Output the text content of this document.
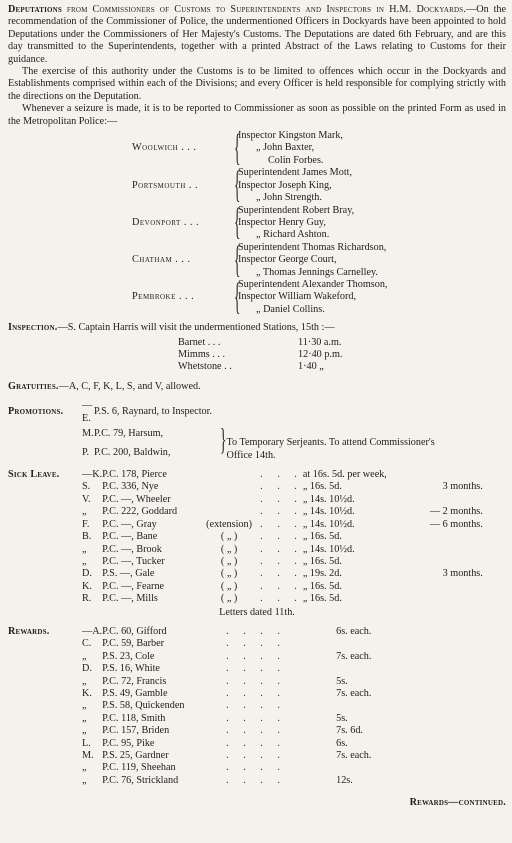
Deputations from Commissioners of Customs to Superintendents and Inspectors in H.M. Dockyards.—On the recommendation of the Commissioner of Police, the undermentioned Officers in Dockyards have been appointed to hold Deputations under the Commissioners of Her Majesty's Customs. The Deputations are dated 6th February, and are this day transmitted to the Superintendents, together with a printed Abstract of the Laws relating to Customs for their guidance.

The exercise of this authority under the Customs is to be limited to offences which occur in the Dockyards and Establishments comprised within each of the Divisions; and every Officer is held responsible for complying strictly with the directions on the Deputation.

Whenever a seizure is made, it is to be reported to Commissioner as soon as possible on the printed Form as used in the Metropolitan Police:—

Woolwich . . .	{	Inspector Kingston Mark,
„ John Baxter,
Colin Forbes.

Portsmouth . .	{	Superintendent James Mott,
Inspector Joseph King,
„ John Strength.

Devonport . . .	{	Superintendent Robert Bray,
Inspector Henry Guy,
„ Richard Ashton.

Chatham . . .	{	Superintendent Thomas Richardson,
Inspector George Court,
„ Thomas Jennings Carnelley.

Pembroke . . .	{	Superintendent Alexander Thomson,
Inspector William Wakeford,
„ Daniel Collins.
Inspection.—S. Captain Harris will visit the undermentioned Stations, 15th :—
Barnet . . .	11·30 a.m.
Mimms . . .	12·40 p.m.
Whetstone . .	1·40 „
Gratuities.—A, C, F, K, L, S, and V, allowed.
Promotions.	—E.	P.S. 6, Raynard, to Inspector.	
	M.	P.C. 79, Harsum,	} To Temporary Serjeants. To attend Commissioner's
Office 14th.

	P.	P.C. 200, Baldwin,	
Sick Leave.	—K.	P.C. 178, Pierce		. . .	at 16s. 5d. per week,	
	S.	P.C. 336, Nye		. . .	„ 16s. 5d.	3 months.
	V.	P.C. —, Wheeler		. . .	„ 14s. 10½d.	
	„	P.C. 222, Goddard		. . .	„ 14s. 10½d.	— 2 months.
	F.	P.C. —, Gray	(extension)	. . .	„ 14s. 10½d.	— 6 months.
	B.	P.C. —, Bane	( „ )	. . .	„ 16s. 5d.	
	„	P.C. —, Brook	( „ )	. . .	„ 14s. 10½d.	
	„	P.C. —, Tucker	( „ )	. . .	„ 16s. 5d.	
	D.	P.S. —, Gale	( „ )	. . .	„ 19s. 2d.	3 months.
	K.	P.C. —, Fearne	( „ )	. . .	„ 16s. 5d.	
	R.	P.C. —, Mills	( „ )	. . .	„ 16s. 5d.	
Letters dated 11th.
Rewards.	—A.	P.C. 60, Gifford	. . . .	6s. each.
	C.	P.C. 59, Barber	. . . .	
	„	P.S. 23, Cole	. . . .	7s. each.
	D.	P.S. 16, White	. . . .	
	„	P.C. 72, Francis	. . . .	5s.
	K.	P.S. 49, Gamble	. . . .	7s. each.
	„	P.S. 58, Quickenden	. . . .	
	„	P.C. 118, Smith	. . . .	5s.
	„	P.C. 157, Briden	. . . .	7s. 6d.
	L.	P.C. 95, Pike	. . . .	6s.
	M.	P.S. 25, Gardner	. . . .	7s. each.
	„	P.C. 119, Sheehan	. . . .	
	„	P.C. 76, Strickland	. . . .	12s.
Rewards—continued.
